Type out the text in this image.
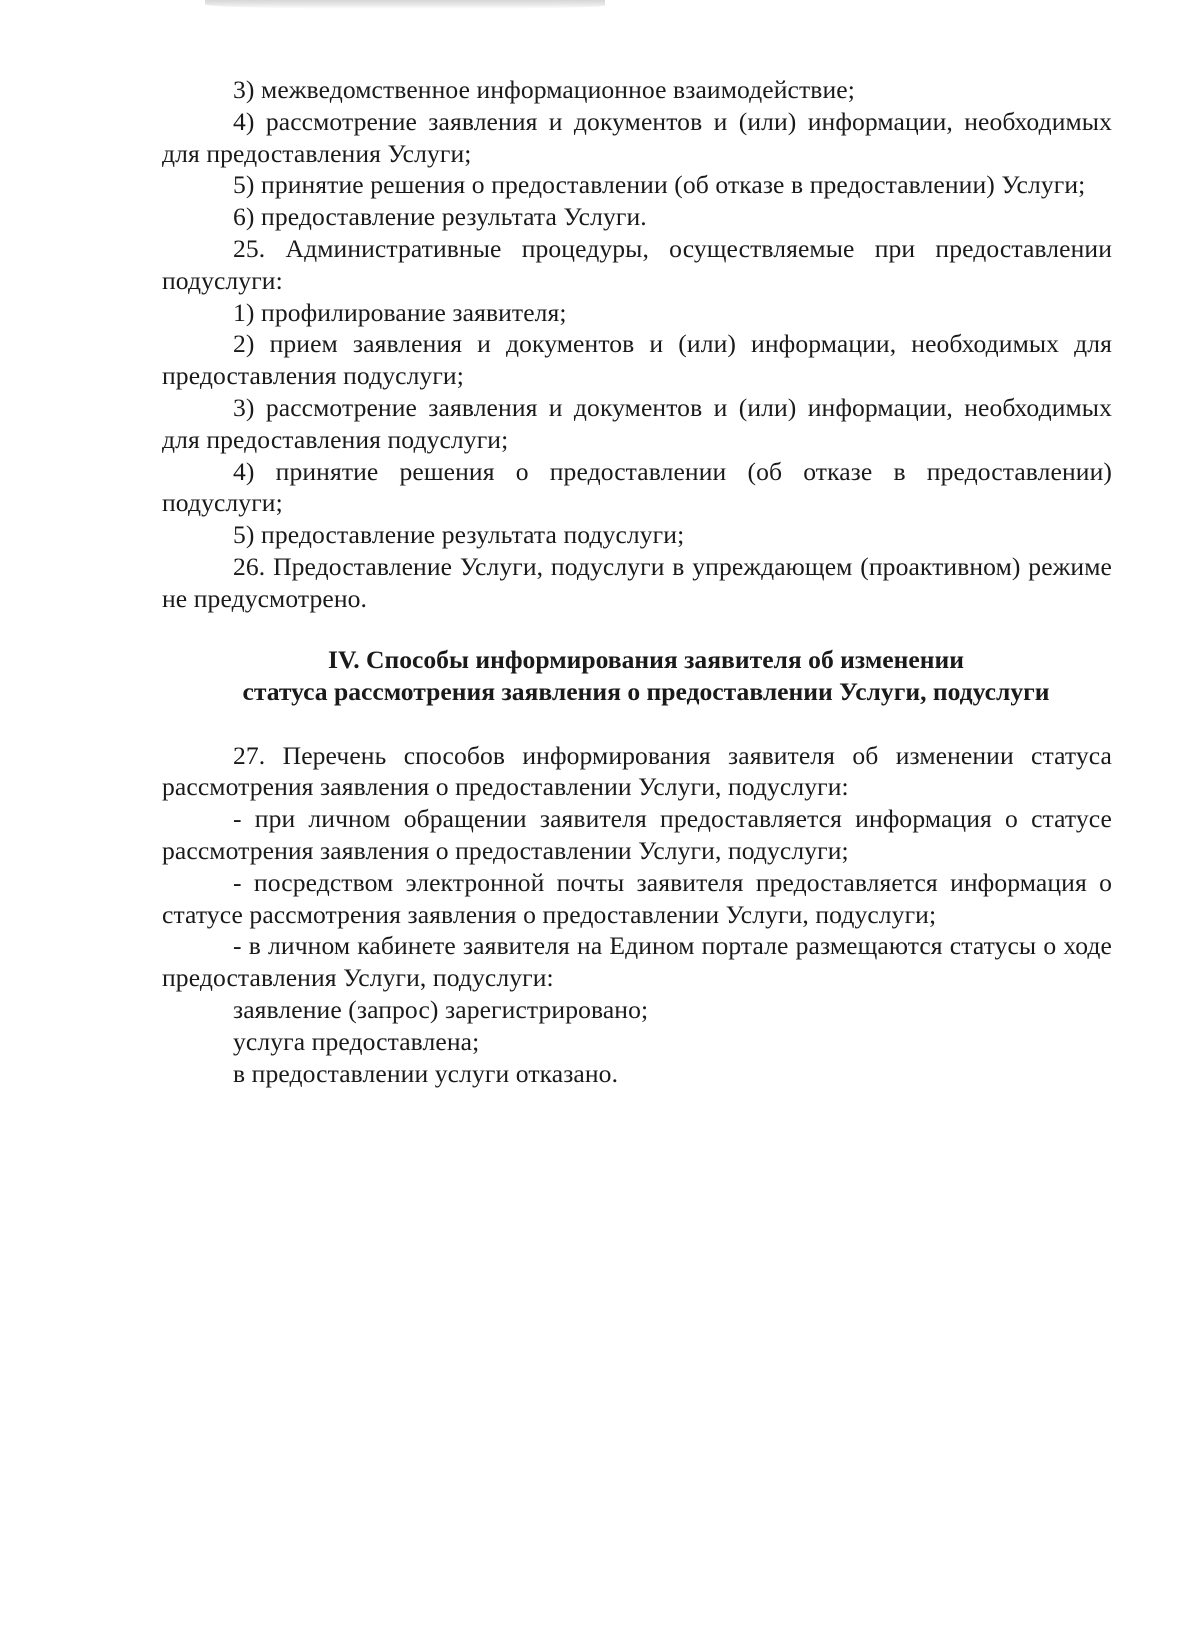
3) межведомственное информационное взаимодействие;

4) рассмотрение заявления и документов и (или) информации, необходимых для предоставления Услуги;

5) принятие решения о предоставлении (об отказе в предоставлении) Услуги;

6) предоставление результата Услуги.

25. Административные процедуры, осуществляемые при предоставлении подуслуги:

1) профилирование заявителя;

2) прием заявления и документов и (или) информации, необходимых для предоставления подуслуги;

3) рассмотрение заявления и документов и (или) информации, необходимых для предоставления подуслуги;

4) принятие решения о предоставлении (об отказе в предоставлении) подуслуги;

5) предоставление результата подуслуги;

26. Предоставление Услуги, подуслуги в упреждающем (проактивном) режиме не предусмотрено.

IV. Способы информирования заявителя об изменении

статуса рассмотрения заявления о предоставлении Услуги, подуслуги

27. Перечень способов информирования заявителя об изменении статуса рассмотрения заявления о предоставлении Услуги, подуслуги:

- при личном обращении заявителя предоставляется информация о статусе рассмотрения заявления о предоставлении Услуги, подуслуги;

- посредством электронной почты заявителя предоставляется информация о статусе рассмотрения заявления о предоставлении Услуги, подуслуги;

- в личном кабинете заявителя на Едином портале размещаются статусы о ходе предоставления Услуги, подуслуги:

заявление (запрос) зарегистрировано;

услуга предоставлена;

в предоставлении услуги отказано.
